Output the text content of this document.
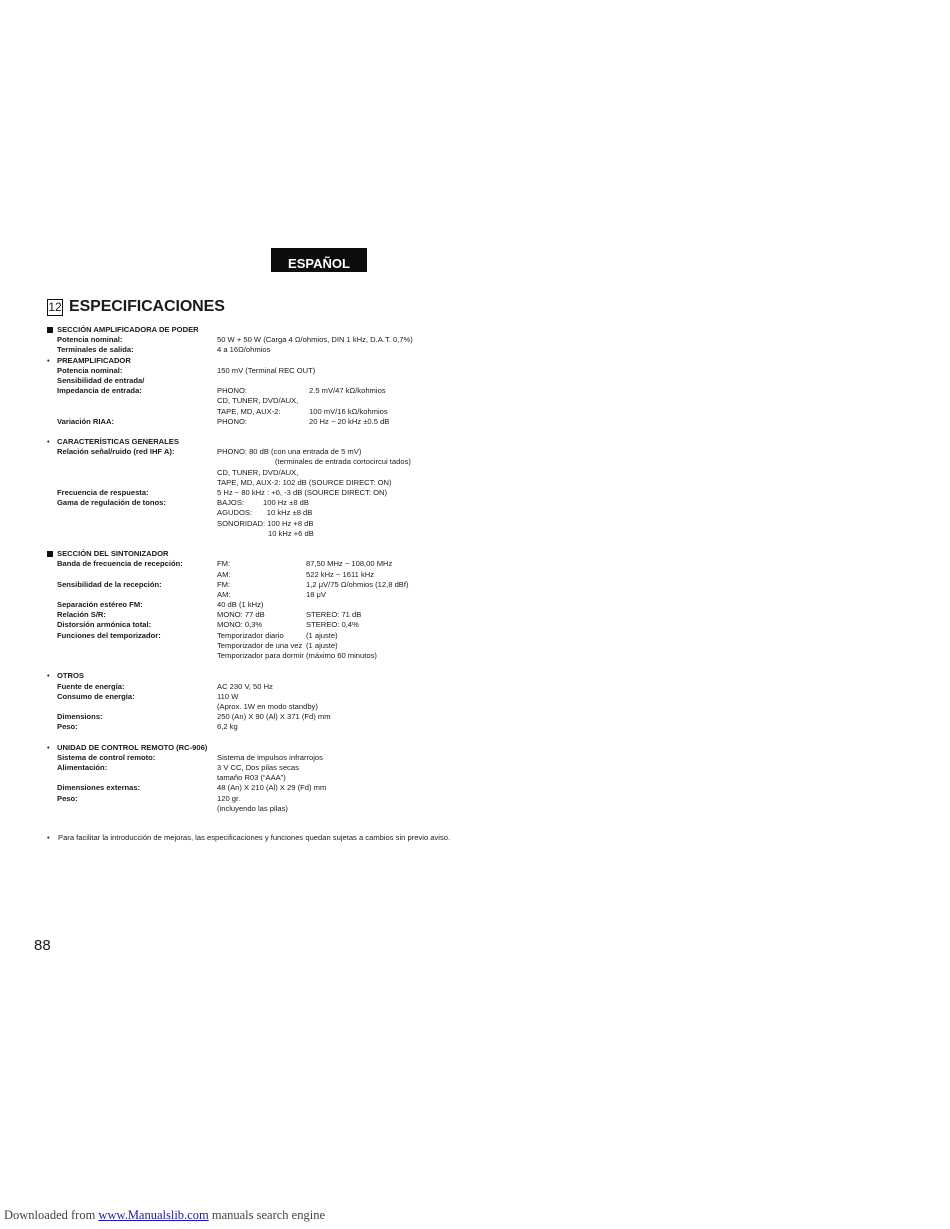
ESPAÑOL
12 ESPECIFICACIONES
SECCIÓN AMPLIFICADORA DE PODER
Potencia nominal:	50 W + 50 W (Carga 4 Ω/ohmios, DIN 1 kHz, D.A.T. 0,7%)
Terminales de salida:	4 a 16Ω/ohmios
• PREAMPLIFICADOR
Potencia nominal:	150 mV (Terminal REC OUT)
Sensibilidad de entrada/
Impedancia de entrada:	PHONO:	2.5 mV/47 kΩ/kohmios
CD, TUNER, DVD/AUX,
TAPE, MD, AUX-2:	100 mV/16 kΩ/kohmios
Variación RIAA:	PHONO:	20 Hz ~ 20 kHz ±0.5 dB
• CARACTERÍSTICAS GENERALES
Relación señal/ruido (red IHF A):	PHONO: 80 dB (con una entrada de 5 mV)
(terminales de entrada cortocircui tados)
CD, TUNER, DVD/AUX,
TAPE, MD, AUX-2: 102 dB (SOURCE DIRECT: ON)
Frecuencia de respuesta:	5 Hz ~ 80 kHz : +0, -3 dB (SOURCE DIRECT: ON)
Gama de regulación de tonos:	BAJOS:         100 Hz ±8 dB
AGUDOS:       10 kHz ±8 dB
SONORIDAD: 100 Hz +8 dB
10 kHz +6 dB
SECCIÓN DEL SINTONIZADOR
Banda de frecuencia de recepción:	FM:	87,50 MHz ~ 108,00 MHz
AM:	522 kHz ~ 1611 kHz
Sensibilidad de la recepción:	FM:	1,2 μV/75 Ω/ohmios (12,8 dBf)
AM:	18 μV
Separación estéreo FM:	40 dB (1 kHz)
Relación S/R:	MONO: 77 dB	STEREO: 71 dB
Distorsión armónica total:	MONO: 0,3%	STEREO: 0,4%
Funciones del temporizador:	Temporizador diario	(1 ajuste)
Temporizador de una vez (1 ajuste)
Temporizador para dormir (máximo 60 minutos)
• OTROS
Fuente de energía:	AC 230 V, 50 Hz
Consumo de energía:	110 W
(Aprox. 1W en modo standby)
Dimensions:	250 (An) X 90 (Al) X 371 (Fd) mm
Peso:	6,2 kg
• UNIDAD DE CONTROL REMOTO (RC-906)
Sistema de control remoto:	Sistema de impulsos infrarrojos
Alimentación:	3 V CC, Dos pilas secas
tamaño R03 (“AAA”)
Dimensiones externas:	48 (An) X 210 (Al) X 29 (Fd) mm
Peso:	120 gr.
(incluyendo las pilas)
• Para facilitar la introducción de mejoras, las especificaciones y funciones quedan sujetas a cambios sin previo aviso.
88
Downloaded from www.Manualslib.com manuals search engine
